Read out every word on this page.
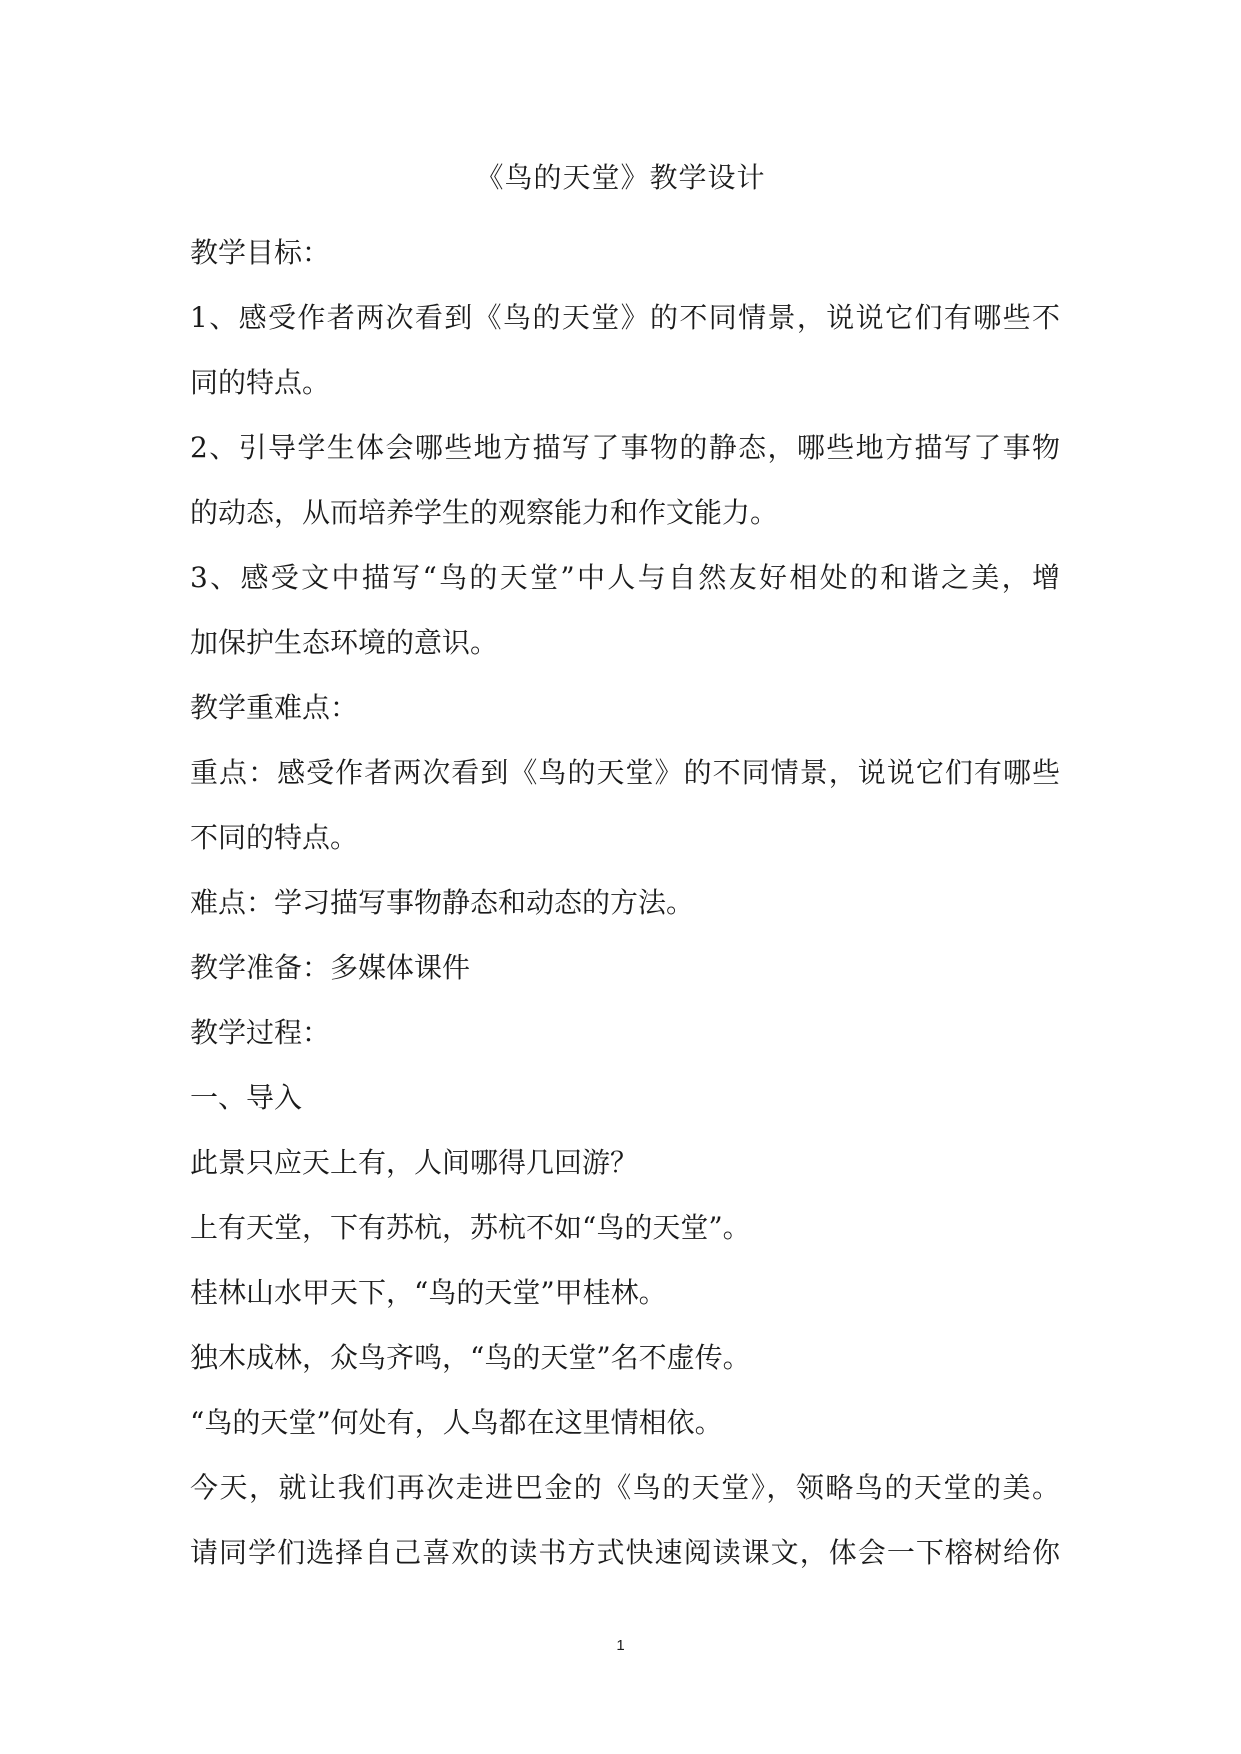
《鸟的天堂》教学设计
教学目标：
1、感受作者两次看到《鸟的天堂》的不同情景，说说它们有哪些不
同的特点。
2、引导学生体会哪些地方描写了事物的静态，哪些地方描写了事物
的动态，从而培养学生的观察能力和作文能力。
3、感受文中描写“鸟的天堂”中人与自然友好相处的和谐之美，增
加保护生态环境的意识。
教学重难点：
重点：感受作者两次看到《鸟的天堂》的不同情景，说说它们有哪些
不同的特点。
难点：学习描写事物静态和动态的方法。
教学准备：多媒体课件
教学过程：
一、导入
此景只应天上有，人间哪得几回游？
上有天堂，下有苏杭，苏杭不如“鸟的天堂”。
桂林山水甲天下，“鸟的天堂”甲桂林。
独木成林，众鸟齐鸣，“鸟的天堂”名不虚传。
“鸟的天堂”何处有，人鸟都在这里情相依。
今天，就让我们再次走进巴金的《鸟的天堂》，领略鸟的天堂的美。
请同学们选择自己喜欢的读书方式快速阅读课文，体会一下榕树给你
1
